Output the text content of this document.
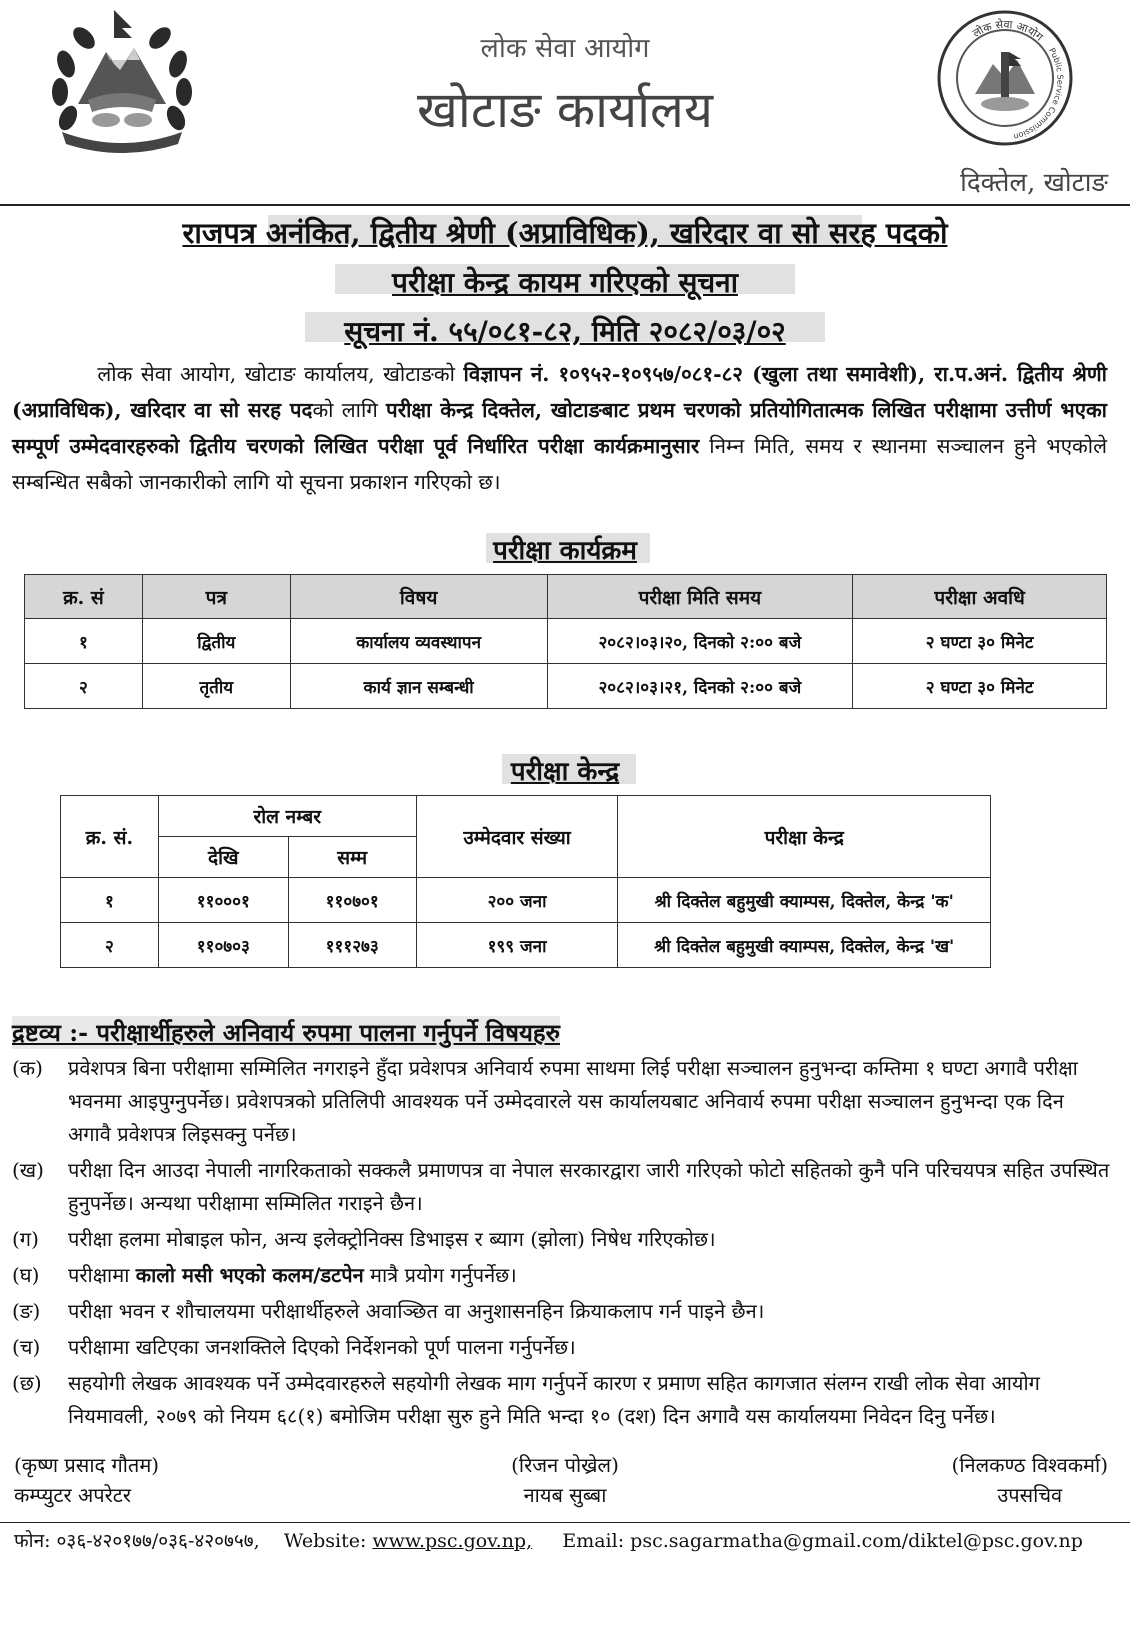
लोक सेवा आयोग
खोटाङ कार्यालय
लोक सेवा आयोग
Public Service Commission
दिक्तेल, खोटाङ
राजपत्र अनंकित, द्वितीय श्रेणी (अप्राविधिक), खरिदार वा सो सरह पदको
परीक्षा केन्द्र कायम गरिएको सूचना
सूचना नं. ५५/०८१-८२, मिति २०८२/०३/०२
लोक सेवा आयोग, खोटाङ कार्यालय, खोटाङको विज्ञापन नं. १०९५२-१०९५७/०८१-८२ (खुला तथा समावेशी), रा.प.अनं. द्वितीय श्रेणी (अप्राविधिक), खरिदार वा सो सरह पदको लागि परीक्षा केन्द्र दिक्तेल, खोटाङबाट प्रथम चरणको प्रतियोगितात्मक लिखित परीक्षामा उत्तीर्ण भएका सम्पूर्ण उम्मेदवारहरुको द्वितीय चरणको लिखित परीक्षा पूर्व निर्धारित परीक्षा कार्यक्रमानुसार निम्न मिति, समय र स्थानमा सञ्चालन हुने भएकोले सम्बन्धित सबैको जानकारीको लागि यो सूचना प्रकाशन गरिएको छ।
परीक्षा कार्यक्रम
क्र. सं	पत्र	विषय	परीक्षा मिति समय	परीक्षा अवधि
१	द्वितीय	कार्यालय व्यवस्थापन	२०८२।०३।२०, दिनको २:०० बजे	२ घण्टा ३० मिनेट
२	तृतीय	कार्य ज्ञान सम्बन्धी	२०८२।०३।२१, दिनको २:०० बजे	२ घण्टा ३० मिनेट
परीक्षा केन्द्र
क्र. सं.	रोल नम्बर		उम्मेदवार संख्या	परीक्षा केन्द्र
	देखि	सम्म		
१	११०००१	११०७०१	२०० जना	श्री दिक्तेल बहुमुखी क्याम्पस, दिक्तेल, केन्द्र 'क'
२	११०७०३	१११२७३	१९९ जना	श्री दिक्तेल बहुमुखी क्याम्पस, दिक्तेल, केन्द्र 'ख'
द्रष्टव्य :- परीक्षार्थीहरुले अनिवार्य रुपमा पालना गर्नुपर्ने विषयहरु
(क)	प्रवेशपत्र बिना परीक्षामा सम्मिलित नगराइने हुँदा प्रवेशपत्र अनिवार्य रुपमा साथमा लिई परीक्षा सञ्चालन हुनुभन्दा कम्तिमा १ घण्टा अगावै परीक्षा भवनमा आइपुग्नुपर्नेछ। प्रवेशपत्रको प्रतिलिपी आवश्यक पर्ने उम्मेदवारले यस कार्यालयबाट अनिवार्य रुपमा परीक्षा सञ्चालन हुनुभन्दा एक दिन अगावै प्रवेशपत्र लिइसक्नु पर्नेछ।
(ख)	परीक्षा दिन आउदा नेपाली नागरिकताको सक्कलै प्रमाणपत्र वा नेपाल सरकारद्वारा जारी गरिएको फोटो सहितको कुनै पनि परिचयपत्र सहित उपस्थित हुनुपर्नेछ। अन्यथा परीक्षामा सम्मिलित गराइने छैन।
(ग)	परीक्षा हलमा मोबाइल फोन, अन्य इलेक्ट्रोनिक्स डिभाइस र ब्याग (झोला) निषेध गरिएकोछ।
(घ)	परीक्षामा कालो मसी भएको कलम/डटपेन मात्रै प्रयोग गर्नुपर्नेछ।
(ङ)	परीक्षा भवन र शौचालयमा परीक्षार्थीहरुले अवाञ्छित वा अनुशासनहिन क्रियाकलाप गर्न पाइने छैन।
(च)	परीक्षामा खटिएका जनशक्तिले दिएको निर्देशनको पूर्ण पालना गर्नुपर्नेछ।
(छ)	सहयोगी लेखक आवश्यक पर्ने उम्मेदवारहरुले सहयोगी लेखक माग गर्नुपर्ने कारण र प्रमाण सहित कागजात संलग्न राखी लोक सेवा आयोग नियमावली, २०७९ को नियम ६८(१) बमोजिम परीक्षा सुरु हुने मिति भन्दा १० (दश) दिन अगावै यस कार्यालयमा निवेदन दिनु पर्नेछ।
(कृष्ण प्रसाद गौतम)
कम्प्युटर अपरेटर
(रिजन पोख्रेल)
नायब सुब्बा
(निलकण्ठ विश्वकर्मा)
उपसचिव
फोन: ०३६-४२०१७७/०३६-४२०७५७, Website: www.psc.gov.np, Email: psc.sagarmatha@gmail.com/diktel@psc.gov.np
